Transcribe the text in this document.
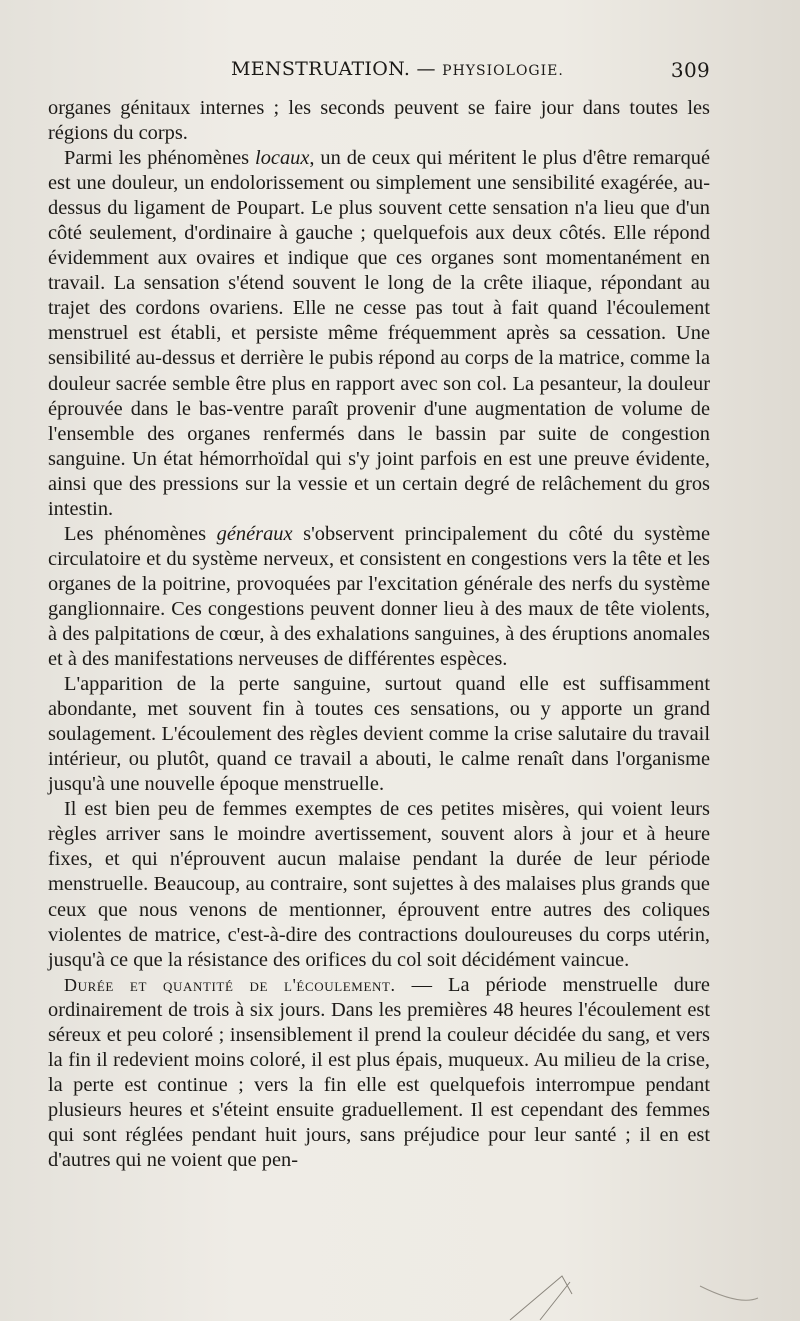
MENSTRUATION. — PHYSIOLOGIE.	309

organes génitaux internes ; les seconds peuvent se faire jour dans toutes les régions du corps.

Parmi les phénomènes locaux, un de ceux qui méritent le plus d'être remarqué est une douleur, un endolorissement ou simplement une sensibilité exagérée, au-dessus du ligament de Poupart. Le plus souvent cette sensation n'a lieu que d'un côté seulement, d'ordinaire à gauche ; quelquefois aux deux côtés. Elle répond évidemment aux ovaires et indique que ces organes sont momentanément en travail. La sensation s'étend souvent le long de la crête iliaque, répondant au trajet des cordons ovariens. Elle ne cesse pas tout à fait quand l'écoulement menstruel est établi, et persiste même fréquemment après sa cessation. Une sensibilité au-dessus et derrière le pubis répond au corps de la matrice, comme la douleur sacrée semble être plus en rapport avec son col. La pesanteur, la douleur éprouvée dans le bas-ventre paraît provenir d'une augmentation de volume de l'ensemble des organes renfermés dans le bassin par suite de congestion sanguine. Un état hémorrhoïdal qui s'y joint parfois en est une preuve évidente, ainsi que des pressions sur la vessie et un certain degré de relâchement du gros intestin.

Les phénomènes généraux s'observent principalement du côté du système circulatoire et du système nerveux, et consistent en congestions vers la tête et les organes de la poitrine, provoquées par l'excitation générale des nerfs du système ganglionnaire. Ces congestions peuvent donner lieu à des maux de tête violents, à des palpitations de cœur, à des exhalations sanguines, à des éruptions anomales et à des manifestations nerveuses de différentes espèces.

L'apparition de la perte sanguine, surtout quand elle est suffisamment abondante, met souvent fin à toutes ces sensations, ou y apporte un grand soulagement. L'écoulement des règles devient comme la crise salutaire du travail intérieur, ou plutôt, quand ce travail a abouti, le calme renaît dans l'organisme jusqu'à une nouvelle époque menstruelle.

Il est bien peu de femmes exemptes de ces petites misères, qui voient leurs règles arriver sans le moindre avertissement, souvent alors à jour et à heure fixes, et qui n'éprouvent aucun malaise pendant la durée de leur période menstruelle. Beaucoup, au contraire, sont sujettes à des malaises plus grands que ceux que nous venons de mentionner, éprouvent entre autres des coliques violentes de matrice, c'est-à-dire des contractions douloureuses du corps utérin, jusqu'à ce que la résistance des orifices du col soit décidément vaincue.

Durée et quantité de l'écoulement. — La période menstruelle dure ordinairement de trois à six jours. Dans les premières 48 heures l'écoulement est séreux et peu coloré ; insensiblement il prend la couleur décidée du sang, et vers la fin il redevient moins coloré, il est plus épais, muqueux. Au milieu de la crise, la perte est continue ; vers la fin elle est quelquefois interrompue pendant plusieurs heures et s'éteint ensuite graduellement. Il est cependant des femmes qui sont réglées pendant huit jours, sans préjudice pour leur santé ; il en est d'autres qui ne voient que pen-
